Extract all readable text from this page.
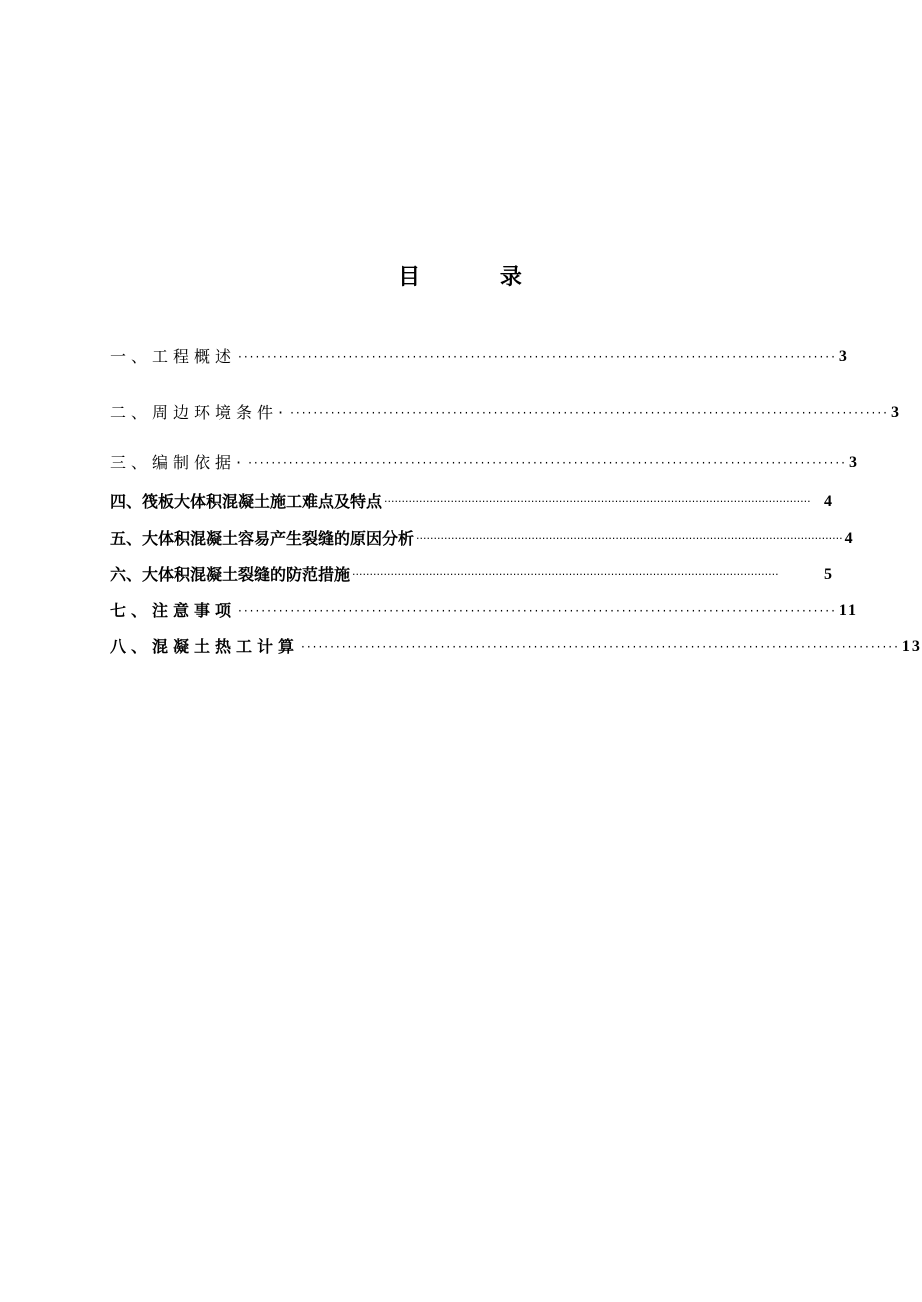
目 录
一、工程概述 ······································································································· 3
二、周边环境条件· ······································································································· 3
三、编制依据· ······································································································· 3
四、筏板大体积混凝土施工难点及特点 ·························································································································· 4
五、大体积混凝土容易产生裂缝的原因分析 ·························································································································· 4
六、大体积混凝土裂缝的防范措施 ··························································································································	5
七、注意事项 ······································································································· 11
八、混凝土热工计算 ······································································································· 13
